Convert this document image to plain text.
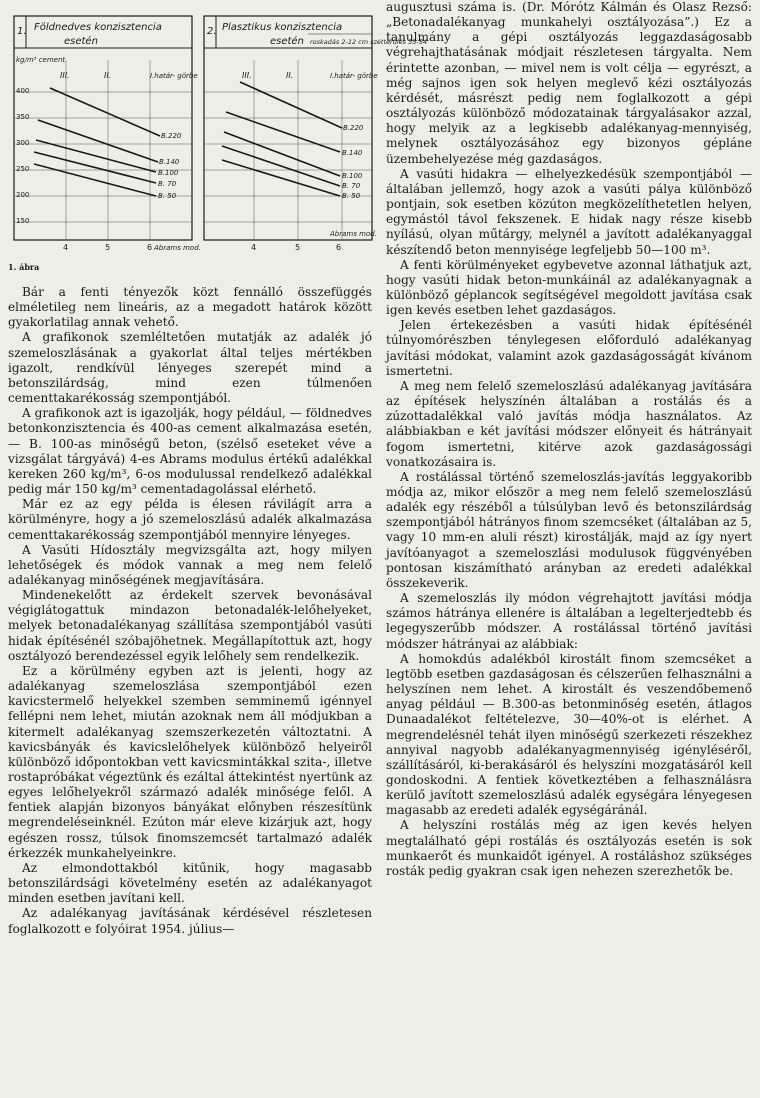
1. Földnedves konzisztencia
esetén
kg/m³ cement
400
350
300
250
200
150
III.	II.	I.határ- görbe
B.220
B.140
B.100
B. 70
B. 50
4	5	6 Abrams mod.
2. Plasztikus konzisztencia
esetén roskadás 2-12 cm széttérülés 35-54
III.	II.	I.határ- görbe
B.220
B.140
B.100
B. 70
B. 50
4	5	6
Abrams mod.
1. ábra

Bár a fenti tényezők közt fennálló összefüggés elméletileg nem lineáris, az a megadott határok között gyakorlatilag annak vehető.

A grafikonok szemléltetően mutatják az adalék jó szemeloszlásának a gyakorlat által teljes mértékben igazolt, rendkívül lényeges szerepét mind a betonszilárdság, mind ezen túlmenően cementtakarékosság szempontjából.

A grafikonok azt is igazolják, hogy például, — földnedves betonkonzisztencia és 400-as cement alkalmazása esetén, — B. 100-as minőségű beton, (szélső eseteket véve a vizsgálat tárgyává) 4-es Abrams modulus értékű adalékkal kereken 260 kg/m³, 6-os modulussal rendelkező adalékkal pedig már 150 kg/m³ cementadagolással elérhető.

Már ez az egy példa is élesen rávilágít arra a körülményre, hogy a jó szemeloszlású adalék alkalmazása cementtakarékosság szempontjából mennyire lényeges.

A Vasúti Hídosztály megvizsgálta azt, hogy milyen lehetőségek és módok vannak a meg nem felelő adalékanyag minőségének megjavítására.

Mindenekelőtt az érdekelt szervek bevonásával végiglátogattuk mindazon betonadalék-lelőhelyeket, melyek betonadalékanyag szállítása szempontjából vasúti hidak építésénél szóbajöhetnek. Megállapítottuk azt, hogy osztályozó berendezéssel egyik lelőhely sem rendelkezik.

Ez a körülmény egyben azt is jelenti, hogy az adalékanyag szemeloszlása szempontjából ezen kavicstermelő helyekkel szemben semminemű igénnyel fellépni nem lehet, miután azoknak nem áll módjukban a kitermelt adalékanyag szemszerkezetén változtatni. A kavicsbányák és kavicslelőhelyek különböző helyeiről különböző időpontokban vett kavicsmintákkal szita-, illetve rostapróbákat végeztünk és ezáltal áttekintést nyertünk az egyes lelőhelyekről származó adalék minősége felől. A fentiek alapján bizonyos bányákat előnyben részesítünk megrendeléseinknél. Ezúton már eleve kizárjuk azt, hogy egészen rossz, túlsok finomszemcsét tartalmazó adalék érkezzék munkahelyeinkre.

Az elmondottakból kitűnik, hogy magasabb betonszilárdsági követelmény esetén az adalékanyagot minden esetben javítani kell.

Az adalékanyag javításának kérdésével részletesen foglalkozott e folyóirat 1954. július—

augusztusi száma is. (Dr. Mórótz Kálmán és Olasz Rezső: „Betonadalékanyag munkahelyi osztályozása”.) Ez a tanulmány a gépi osztályozás leggazdaságosabb végrehajthatásának módjait részletesen tárgyalta. Nem érintette azonban, — mivel nem is volt célja — egyrészt, a még sajnos igen sok helyen meglevő kézi osztályozás kérdését, másrészt pedig nem foglalkozott a gépi osztályozás különböző módozatainak tárgyalásakor azzal, hogy melyik az a legkisebb adalékanyag-mennyiség, melynek osztályozásához egy bizonyos gépláne üzembehelyezése még gazdaságos.

A vasúti hidakra — elhelyezkedésük szempontjából — általában jellemző, hogy azok a vasúti pálya különböző pontjain, sok esetben közúton megközelíthetetlen helyen, egymástól távol fekszenek. E hidak nagy része kisebb nyílású, olyan műtárgy, melynél a javított adalékanyaggal készítendő beton mennyisége legfeljebb 50—100 m³.

A fenti körülményeket egybevetve azonnal láthatjuk azt, hogy vasúti hidak beton-munkáinál az adalékanyagnak a különböző géplancok segítségével megoldott javítása csak igen kevés esetben lehet gazdaságos.

Jelen értekezésben a vasúti hidak építésénél túlnyomórészben ténylegesen előforduló adalékanyag javítási módokat, valamint azok gazdaságosságát kívánom ismertetni.

A meg nem felelő szemeloszlású adalékanyag javítására az építések helyszínén általában a rostálás és a zúzottadalékkal való javítás módja használatos. Az alábbiakban e két javítási módszer előnyeit és hátrányait fogom ismertetni, kitérve azok gazdaságossági vonatkozásaira is.

A rostálással történő szemeloszlás-javítás leggyakoribb módja az, mikor először a meg nem felelő szemeloszlású adalék egy részéből a túlsúlyban levő és betonszilárdság szempontjából hátrányos finom szemcséket (általában az 5, vagy 10 mm-en aluli részt) kirostálják, majd az így nyert javítóanyagot a szemeloszlási modulusok függvényében pontosan kiszámítható arányban az eredeti adalékkal összekeverik.

A szemeloszlás ily módon végrehajtott javítási módja számos hátránya ellenére is általában a legelterjedtebb és legegyszerűbb módszer. A rostálással történő javítási módszer hátrányai az alábbiak:

A homokdús adalékból kirostált finom szemcséket a legtöbb esetben gazdaságosan és célszerűen felhasználni a helyszínen nem lehet. A kirostált és veszendőbemenő anyag például — B.300-as betonminőség esetén, átlagos Dunaadalékot feltételezve, 30—40%-ot is elérhet. A megrendelésnél tehát ilyen minőségű szerkezeti részekhez annyival nagyobb adalékanyagmennyiség igényléséről, szállításáról, ki-berakásáról és helyszíni mozgatásáról kell gondoskodni. A fentiek következtében a felhasználásra kerülő javított szemeloszlású adalék egységára lényegesen magasabb az eredeti adalék egységáránál.

A helyszíni rostálás még az igen kevés helyen megtalálható gépi rostálás és osztályozás esetén is sok munkaerőt és munkaidőt igényel. A rostáláshoz szükséges rosták pedig gyakran csak igen nehezen szerezhetők be.
